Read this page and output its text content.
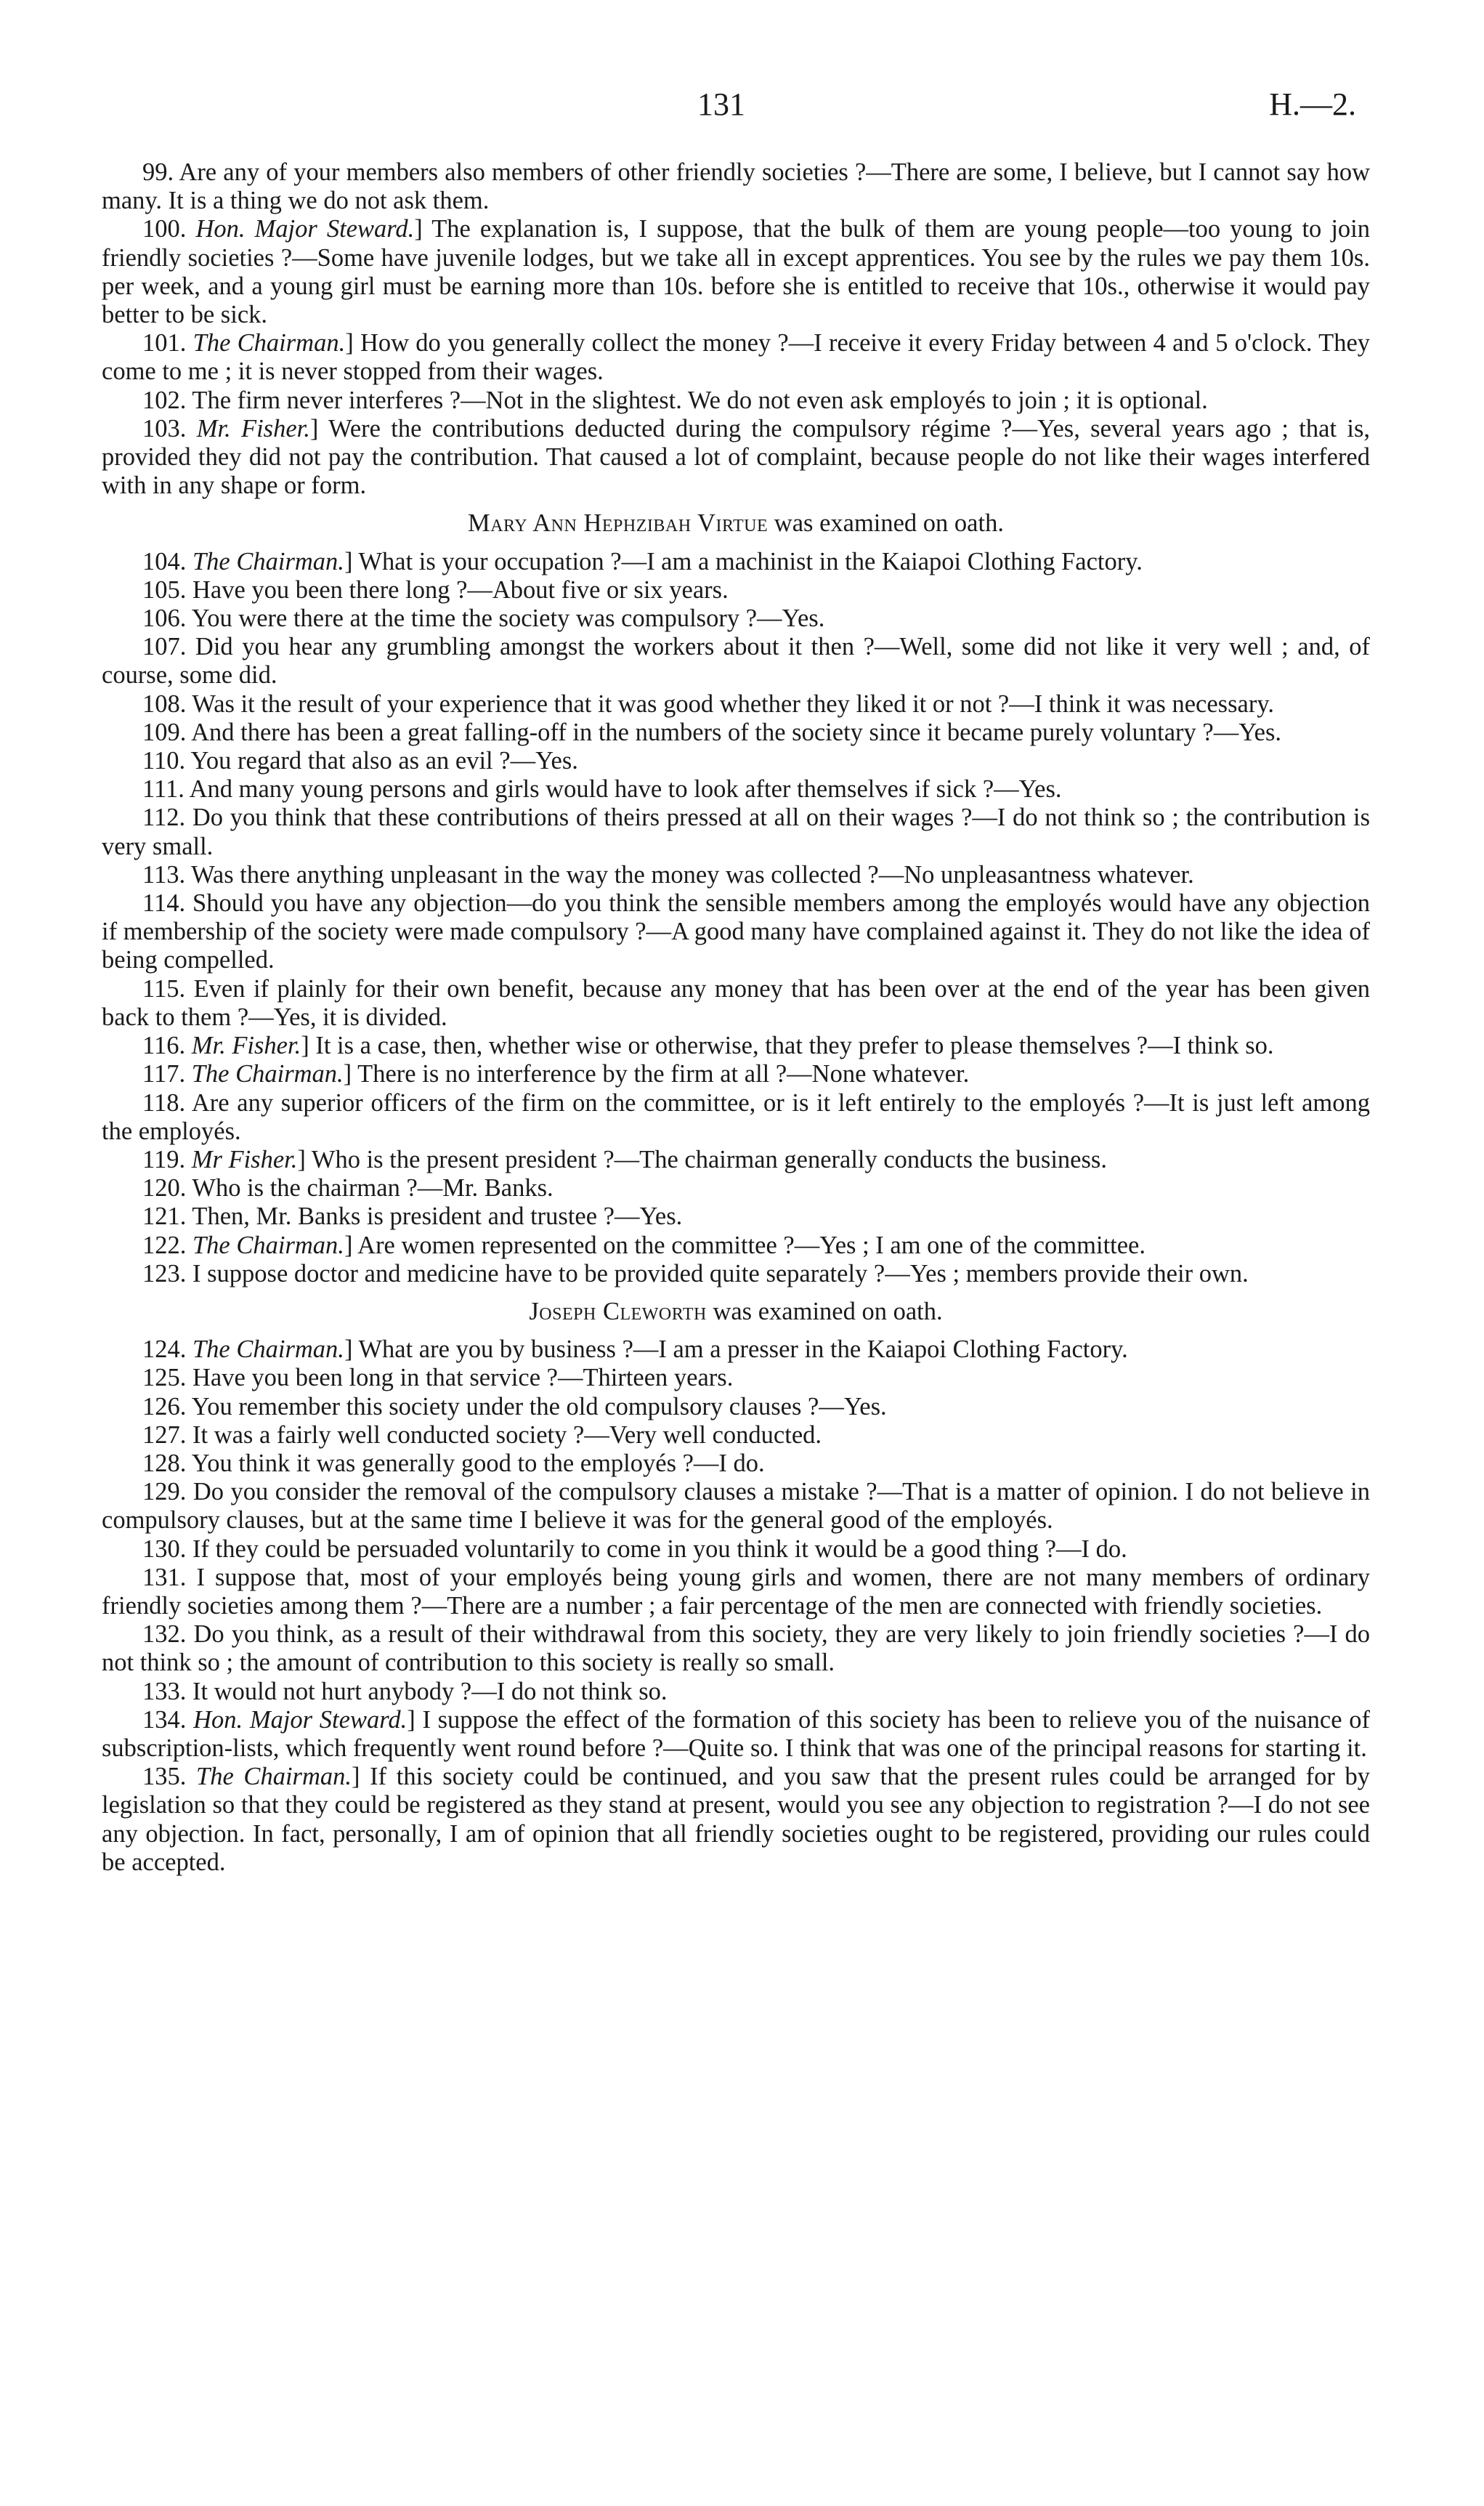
131	H.—2.

99. Are any of your members also members of other friendly societies ?—There are some, I believe, but I cannot say how many. It is a thing we do not ask them.

100. Hon. Major Steward.] The explanation is, I suppose, that the bulk of them are young people—too young to join friendly societies ?—Some have juvenile lodges, but we take all in except apprentices. You see by the rules we pay them 10s. per week, and a young girl must be earning more than 10s. before she is entitled to receive that 10s., otherwise it would pay better to be sick.

101. The Chairman.] How do you generally collect the money ?—I receive it every Friday between 4 and 5 o'clock. They come to me ; it is never stopped from their wages.

102. The firm never interferes ?—Not in the slightest. We do not even ask employés to join ; it is optional.

103. Mr. Fisher.] Were the contributions deducted during the compulsory régime ?—Yes, several years ago ; that is, provided they did not pay the contribution. That caused a lot of complaint, because people do not like their wages interfered with in any shape or form.

Mary Ann Hephzibah Virtue was examined on oath.

104. The Chairman.] What is your occupation ?—I am a machinist in the Kaiapoi Clothing Factory.

105. Have you been there long ?—About five or six years.

106. You were there at the time the society was compulsory ?—Yes.

107. Did you hear any grumbling amongst the workers about it then ?—Well, some did not like it very well ; and, of course, some did.

108. Was it the result of your experience that it was good whether they liked it or not ?—I think it was necessary.

109. And there has been a great falling-off in the numbers of the society since it became purely voluntary ?—Yes.

110. You regard that also as an evil ?—Yes.

111. And many young persons and girls would have to look after themselves if sick ?—Yes.

112. Do you think that these contributions of theirs pressed at all on their wages ?—I do not think so ; the contribution is very small.

113. Was there anything unpleasant in the way the money was collected ?—No unpleasantness whatever.

114. Should you have any objection—do you think the sensible members among the employés would have any objection if membership of the society were made compulsory ?—A good many have complained against it. They do not like the idea of being compelled.

115. Even if plainly for their own benefit, because any money that has been over at the end of the year has been given back to them ?—Yes, it is divided.

116. Mr. Fisher.] It is a case, then, whether wise or otherwise, that they prefer to please themselves ?—I think so.

117. The Chairman.] There is no interference by the firm at all ?—None whatever.

118. Are any superior officers of the firm on the committee, or is it left entirely to the employés ?—It is just left among the employés.

119. Mr Fisher.] Who is the present president ?—The chairman generally conducts the business.

120. Who is the chairman ?—Mr. Banks.

121. Then, Mr. Banks is president and trustee ?—Yes.

122. The Chairman.] Are women represented on the committee ?—Yes ; I am one of the committee.

123. I suppose doctor and medicine have to be provided quite separately ?—Yes ; members provide their own.

Joseph Cleworth was examined on oath.

124. The Chairman.] What are you by business ?—I am a presser in the Kaiapoi Clothing Factory.

125. Have you been long in that service ?—Thirteen years.

126. You remember this society under the old compulsory clauses ?—Yes.

127. It was a fairly well conducted society ?—Very well conducted.

128. You think it was generally good to the employés ?—I do.

129. Do you consider the removal of the compulsory clauses a mistake ?—That is a matter of opinion. I do not believe in compulsory clauses, but at the same time I believe it was for the general good of the employés.

130. If they could be persuaded voluntarily to come in you think it would be a good thing ?—I do.

131. I suppose that, most of your employés being young girls and women, there are not many members of ordinary friendly societies among them ?—There are a number ; a fair percentage of the men are connected with friendly societies.

132. Do you think, as a result of their withdrawal from this society, they are very likely to join friendly societies ?—I do not think so ; the amount of contribution to this society is really so small.

133. It would not hurt anybody ?—I do not think so.

134. Hon. Major Steward.] I suppose the effect of the formation of this society has been to relieve you of the nuisance of subscription-lists, which frequently went round before ?—Quite so. I think that was one of the principal reasons for starting it.

135. The Chairman.] If this society could be continued, and you saw that the present rules could be arranged for by legislation so that they could be registered as they stand at present, would you see any objection to registration ?—I do not see any objection. In fact, personally, I am of opinion that all friendly societies ought to be registered, providing our rules could be accepted.
